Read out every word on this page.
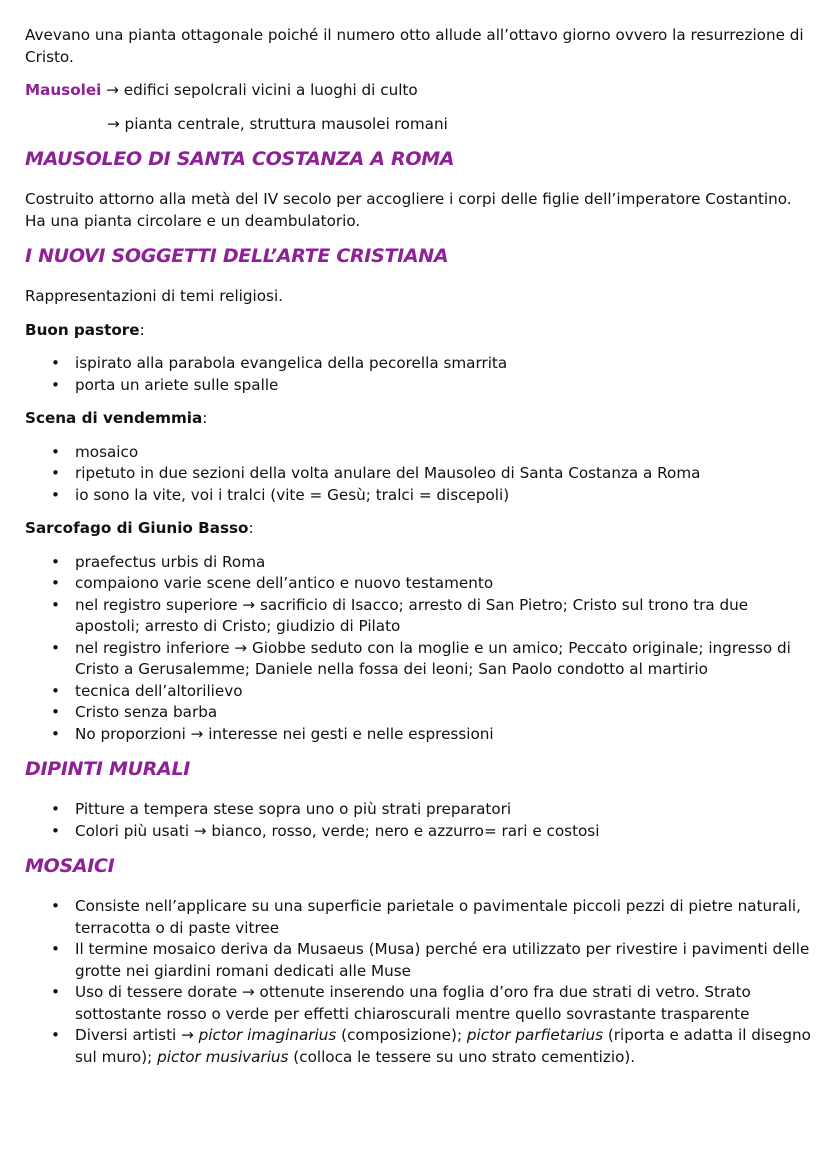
Avevano una pianta ottagonale poiché il numero otto allude all’ottavo giorno ovvero la resurrezione di Cristo.

Mausolei → edifici sepolcrali vicini a luoghi di culto

→ pianta centrale, struttura mausolei romani

MAUSOLEO DI SANTA COSTANZA A ROMA

Costruito attorno alla metà del IV secolo per accogliere i corpi delle figlie dell’imperatore Costantino. Ha una pianta circolare e un deambulatorio.

I NUOVI SOGGETTI DELL’ARTE CRISTIANA

Rappresentazioni di temi religiosi.

Buon pastore:

• ispirato alla parabola evangelica della pecorella smarrita
• porta un ariete sulle spalle

Scena di vendemmia:

• mosaico
• ripetuto in due sezioni della volta anulare del Mausoleo di Santa Costanza a Roma
• io sono la vite, voi i tralci (vite = Gesù; tralci = discepoli)

Sarcofago di Giunio Basso:

• praefectus urbis di Roma
• compaiono varie scene dell’antico e nuovo testamento
• nel registro superiore → sacrificio di Isacco; arresto di San Pietro; Cristo sul trono tra due apostoli; arresto di Cristo; giudizio di Pilato
• nel registro inferiore → Giobbe seduto con la moglie e un amico; Peccato originale; ingresso di Cristo a Gerusalemme; Daniele nella fossa dei leoni; San Paolo condotto al martirio
• tecnica dell’altorilievo
• Cristo senza barba
• No proporzioni → interesse nei gesti e nelle espressioni
DIPINTI MURALI
• Pitture a tempera stese sopra uno o più strati preparatori
• Colori più usati → bianco, rosso, verde; nero e azzurro= rari e costosi
MOSAICI
• Consiste nell’applicare su una superficie parietale o pavimentale piccoli pezzi di pietre naturali, terracotta o di paste vitree
• Il termine mosaico deriva da Musaeus (Musa) perché era utilizzato per rivestire i pavimenti delle grotte nei giardini romani dedicati alle Muse
• Uso di tessere dorate → ottenute inserendo una foglia d’oro fra due strati di vetro. Strato sottostante rosso o verde per effetti chiaroscurali mentre quello sovrastante trasparente
• Diversi artisti → pictor imaginarius (composizione); pictor parfietarius (riporta e adatta il disegno sul muro); pictor musivarius (colloca le tessere su uno strato cementizio).
